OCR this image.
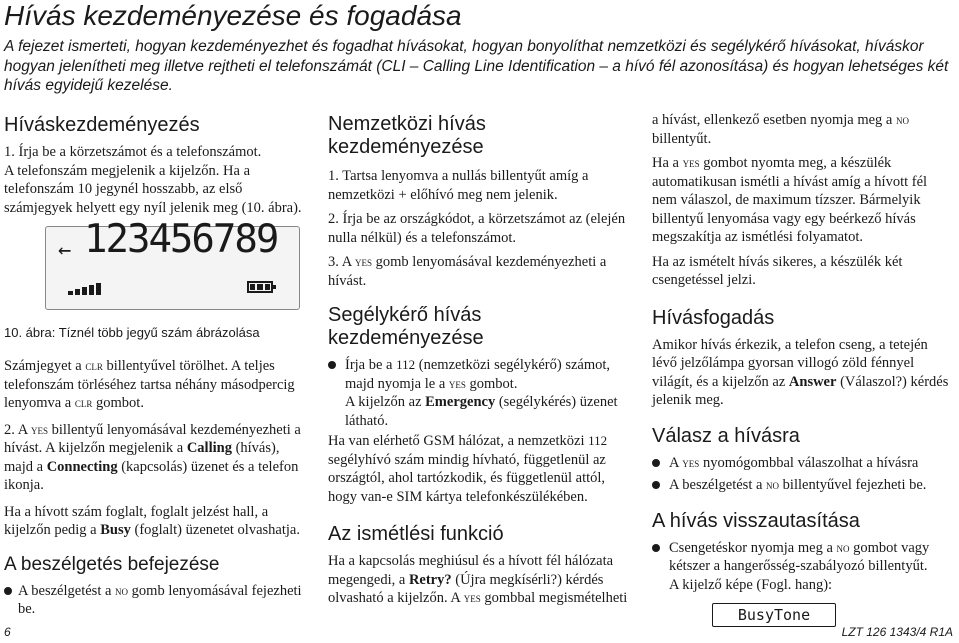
Hívás kezdeményezése és fogadása
A fejezet ismerteti, hogyan kezdeményezhet és fogadhat hívásokat, hogyan bonyolíthat nemzetközi és segélykérő hívásokat, híváskor hogyan jelenítheti meg illetve rejtheti el telefonszámát (CLI – Calling Line Identification – a hívó fél azonosítása) és hogyan lehetséges két hívás egyidejű kezelése.
Híváskezdeményezés

1. Írja be a körzetszámot és a telefonszámot.

A telefonszám megjelenik a kijelzőn. Ha a telefonszám 10 jegynél hosszabb, az első számjegyek helyett egy nyíl jelenik meg (10. ábra).

← 123456789
10. ábra: Tíznél több jegyű szám ábrázolása

Számjegyet a clr billentyűvel törölhet. A teljes telefonszám törléséhez tartsa néhány másodpercig lenyomva a clr gombot.

2. A yes billentyű lenyomásával kezdeményezheti a hívást. A kijelzőn megjelenik a Calling (hívás), majd a Connecting (kapcsolás) üzenet és a telefon ikonja.

Ha a hívott szám foglalt, foglalt jelzést hall, a kijelzőn pedig a Busy (foglalt) üzenetet olvashatja.

A beszélgetés befejezése

A beszélgetést a no gomb lenyomásával fejezheti be.

Nemzetközi hívás kezdeményezése

1. Tartsa lenyomva a nullás billentyűt amíg a nemzetközi + előhívó meg nem jelenik.

2. Írja be az országkódot, a körzetszámot az (elején nulla nélkül) és a telefonszámot.

3. A yes gomb lenyomásával kezdeményezheti a hívást.

Segélykérő hívás kezdeményezése

Írja be a 112 (nemzetközi segélykérő) számot, majd nyomja le a yes gombot.
A kijelzőn az Emergency (segélykérés) üzenet látható.

Ha van elérhető GSM hálózat, a nemzetközi 112 segélyhívó szám mindig hívható, függetlenül az országtól, ahol tartózkodik, és függetlenül attól, hogy van-e SIM kártya telefonkészülékében.

Az ismétlési funkció

Ha a kapcsolás meghiúsul és a hívott fél hálózata megengedi, a Retry? (Újra megkísérli?) kérdés olvasható a kijelzőn. A yes gombbal megismételheti

a hívást, ellenkező esetben nyomja meg a no billentyűt.

Ha a yes gombot nyomta meg, a készülék automatikusan ismétli a hívást amíg a hívott fél nem válaszol, de maximum tízszer. Bármelyik billentyű lenyomása vagy egy beérkező hívás megszakítja az ismétlési folyamatot.

Ha az ismételt hívás sikeres, a készülék két csengetéssel jelzi.

Hívásfogadás

Amikor hívás érkezik, a telefon cseng, a tetején lévő jelzőlámpa gyorsan villogó zöld fénnyel világít, és a kijelzőn az Answer (Válaszol?) kérdés jelenik meg.

Válasz a hívásra

A yes nyomógombbal válaszolhat a hívásra

A beszélgetést a no billentyűvel fejezheti be.

A hívás visszautasítása

Csengetéskor nyomja meg a no gombot vagy kétszer a hangerősség-szabályozó billentyűt.
A kijelző képe (Fogl. hang):

BusyTone
6	LZT 126 1343/4 R1A
